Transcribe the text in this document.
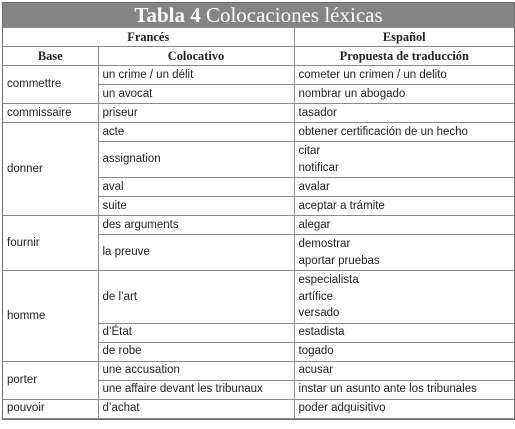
Tabla 4 Colocaciones léxicas
Francés		Español
Base	Colocativo	Propuesta de traducción
commettre	un crime / un délit	cometer un crimen / un delito

	un avocat	nombrar un abogado

commissaire	priseur	tasador

donner	acte	obtener certificación de un hecho

	assignation	citar
notificar

	aval	avalar

	suite	aceptar a trámite

fournir	des arguments	alegar

	la preuve	demostrar
aportar pruebas

homme	de l’art	especialista
artífice
versado

	d’État	estadista

	de robe	togado

porter	une accusation	acusar

	une affaire devant les tribunaux	instar un asunto ante los tribunales

pouvoir	d’achat	poder adquisitivo
